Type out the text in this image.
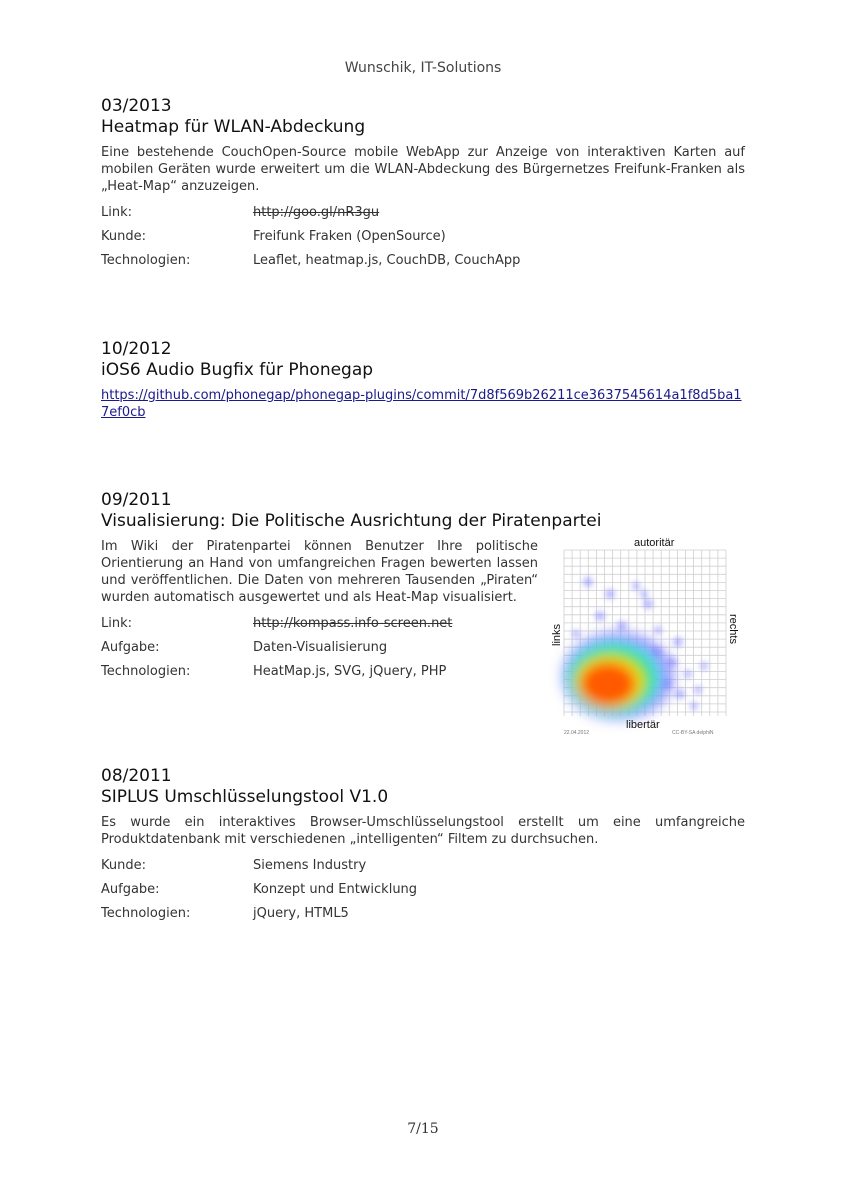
Wunschik, IT-Solutions
03/2013
Heatmap für WLAN-Abdeckung

Eine bestehende CouchOpen-Source mobile WebApp zur Anzeige von interaktiven Karten auf mobilen Geräten wurde erweitert um die WLAN-Abdeckung des Bürgernetzes Freifunk-Franken als „Heat-Map“ anzuzeigen.

Link:	http://goo.gl/nR3gu
Kunde:	Freifunk Fraken (OpenSource)
Technologien:	Leaflet, heatmap.js, CouchDB, CouchApp
10/2012
iOS6 Audio Bugfix für Phonegap
https://github.com/phonegap/phonegap-plugins/commit/7d8f569b26211ce3637545614a1f8d5ba17ef0cb
09/2011
Visualisierung: Die Politische Ausrichtung der Piratenpartei

Im Wiki der Piratenpartei können Benutzer Ihre politische Orientierung an Hand von umfangreichen Fragen bewerten lassen und veröffentlichen. Die Daten von mehreren Tausenden „Piraten“ wurden automatisch ausgewertet und als Heat-Map visualisiert.

Link:	http://kompass.info-screen.net
Aufgabe:	Daten-Visualisierung
Technologien:	HeatMap.js, SVG, jQuery, PHP
autoritär
libertär
links	rechts
22.04.2012	CC-BY-SA delphiN
08/2011
SIPLUS Umschlüsselungstool V1.0

Es wurde ein interaktives Browser-Umschlüsselungstool erstellt um eine umfangreiche Produktdatenbank mit verschiedenen „intelligenten“ Filtem zu durchsuchen.

Kunde:	Siemens Industry
Aufgabe:	Konzept und Entwicklung
Technologien:	jQuery, HTML5
7/15
